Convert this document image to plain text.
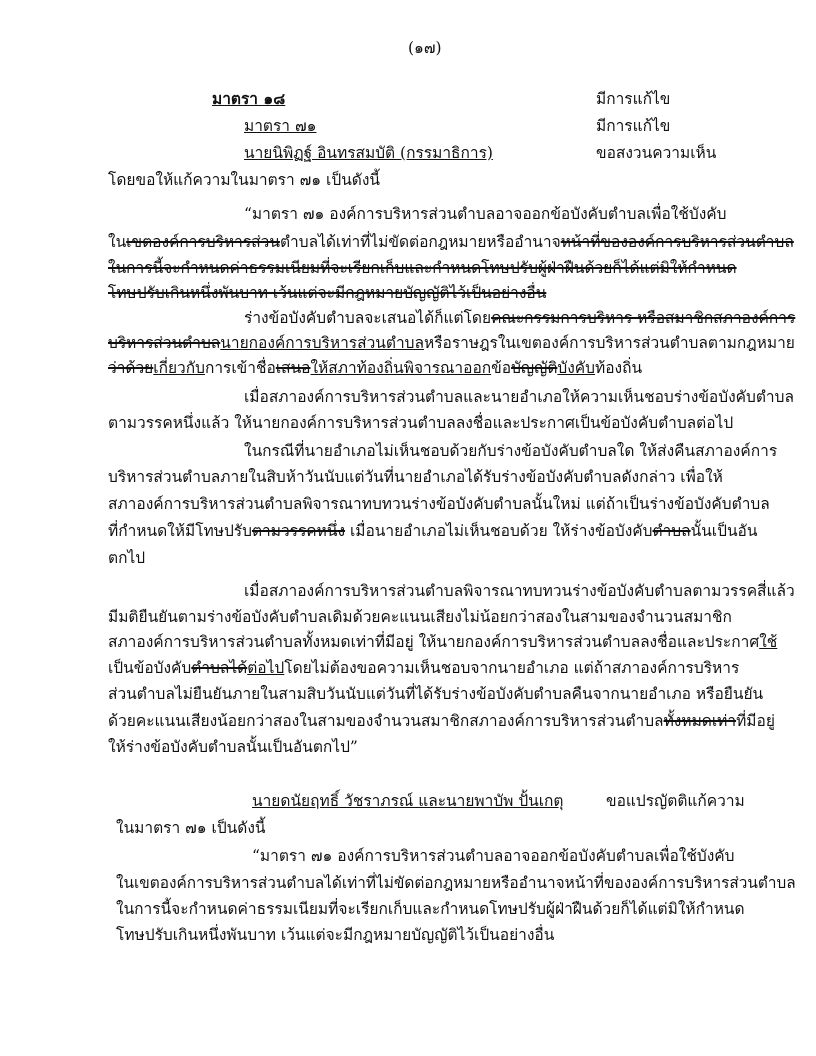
(๑๗)
มาตรา ๑๘	มีการแก้ไข
มาตรา ๗๑	มีการแก้ไข
นายนิพิฏฐ์ อินทรสมบัติ (กรรมาธิการ)	ขอสงวนความเห็น
โดยขอให้แก้ความในมาตรา ๗๑ เป็นดังนี้
“มาตรา ๗๑ องค์การบริหารส่วนตำบลอาจออกข้อบังคับตำบลเพื่อใช้บังคับ
ในเขตองค์การบริหารส่วนตำบลได้เท่าที่ไม่ขัดต่อกฎหมายหรืออำนาจหน้าที่ขององค์การบริหารส่วนตำบล
ในการนี้จะกำหนดค่าธรรมเนียมที่จะเรียกเก็บและกำหนดโทษปรับผู้ฝ่าฝืนด้วยก็ได้แต่มิให้กำหนด
โทษปรับเกินหนึ่งพันบาท เว้นแต่จะมีกฎหมายบัญญัติไว้เป็นอย่างอื่น
ร่างข้อบังคับตำบลจะเสนอได้ก็แต่โดยคณะกรรมการบริหาร หรือสมาชิกสภาองค์การ
บริหารส่วนตำบลนายกองค์การบริหารส่วนตำบลหรือราษฎรในเขตองค์การบริหารส่วนตำบลตามกฎหมาย
ว่าด้วยเกี่ยวกับการเข้าชื่อเสนอให้สภาท้องถิ่นพิจารณาออกข้อบัญญัติบังคับท้องถิ่น
เมื่อสภาองค์การบริหารส่วนตำบลและนายอำเภอให้ความเห็นชอบร่างข้อบังคับตำบล
ตามวรรคหนึ่งแล้ว ให้นายกองค์การบริหารส่วนตำบลลงชื่อและประกาศเป็นข้อบังคับตำบลต่อไป
ในกรณีที่นายอำเภอไม่เห็นชอบด้วยกับร่างข้อบังคับตำบลใด ให้ส่งคืนสภาองค์การ
บริหารส่วนตำบลภายในสิบห้าวันนับแต่วันที่นายอำเภอได้รับร่างข้อบังคับตำบลดังกล่าว เพื่อให้
สภาองค์การบริหารส่วนตำบลพิจารณาทบทวนร่างข้อบังคับตำบลนั้นใหม่ แต่ถ้าเป็นร่างข้อบังคับตำบล
ที่กำหนดให้มีโทษปรับตามวรรคหนึ่ง เมื่อนายอำเภอไม่เห็นชอบด้วย ให้ร่างข้อบังคับตำบลนั้นเป็นอัน
ตกไป
เมื่อสภาองค์การบริหารส่วนตำบลพิจารณาทบทวนร่างข้อบังคับตำบลตามวรรคสี่แล้ว
มีมติยืนยันตามร่างข้อบังคับตำบลเดิมด้วยคะแนนเสียงไม่น้อยกว่าสองในสามของจำนวนสมาชิก
สภาองค์การบริหารส่วนตำบลทั้งหมดเท่าที่มีอยู่ ให้นายกองค์การบริหารส่วนตำบลลงชื่อและประกาศใช้
เป็นข้อบังคับตำบลได้ต่อไปโดยไม่ต้องขอความเห็นชอบจากนายอำเภอ แต่ถ้าสภาองค์การบริหาร
ส่วนตำบลไม่ยืนยันภายในสามสิบวันนับแต่วันที่ได้รับร่างข้อบังคับตำบลคืนจากนายอำเภอ หรือยืนยัน
ด้วยคะแนนเสียงน้อยกว่าสองในสามของจำนวนสมาชิกสภาองค์การบริหารส่วนตำบลทั้งหมดเท่าที่มีอยู่
ให้ร่างข้อบังคับตำบลนั้นเป็นอันตกไป”
นายดนัยฤทธิ์ วัชราภรณ์ และนายพาบัพ ปั้นเกตุ	ขอแปรญัตติแก้ความ
ในมาตรา ๗๑ เป็นดังนี้
“มาตรา ๗๑ องค์การบริหารส่วนตำบลอาจออกข้อบังคับตำบลเพื่อใช้บังคับ
ในเขตองค์การบริหารส่วนตำบลได้เท่าที่ไม่ขัดต่อกฎหมายหรืออำนาจหน้าที่ขององค์การบริหารส่วนตำบล
ในการนี้จะกำหนดค่าธรรมเนียมที่จะเรียกเก็บและกำหนดโทษปรับผู้ฝ่าฝืนด้วยก็ได้แต่มิให้กำหนด
โทษปรับเกินหนึ่งพันบาท เว้นแต่จะมีกฎหมายบัญญัติไว้เป็นอย่างอื่น
